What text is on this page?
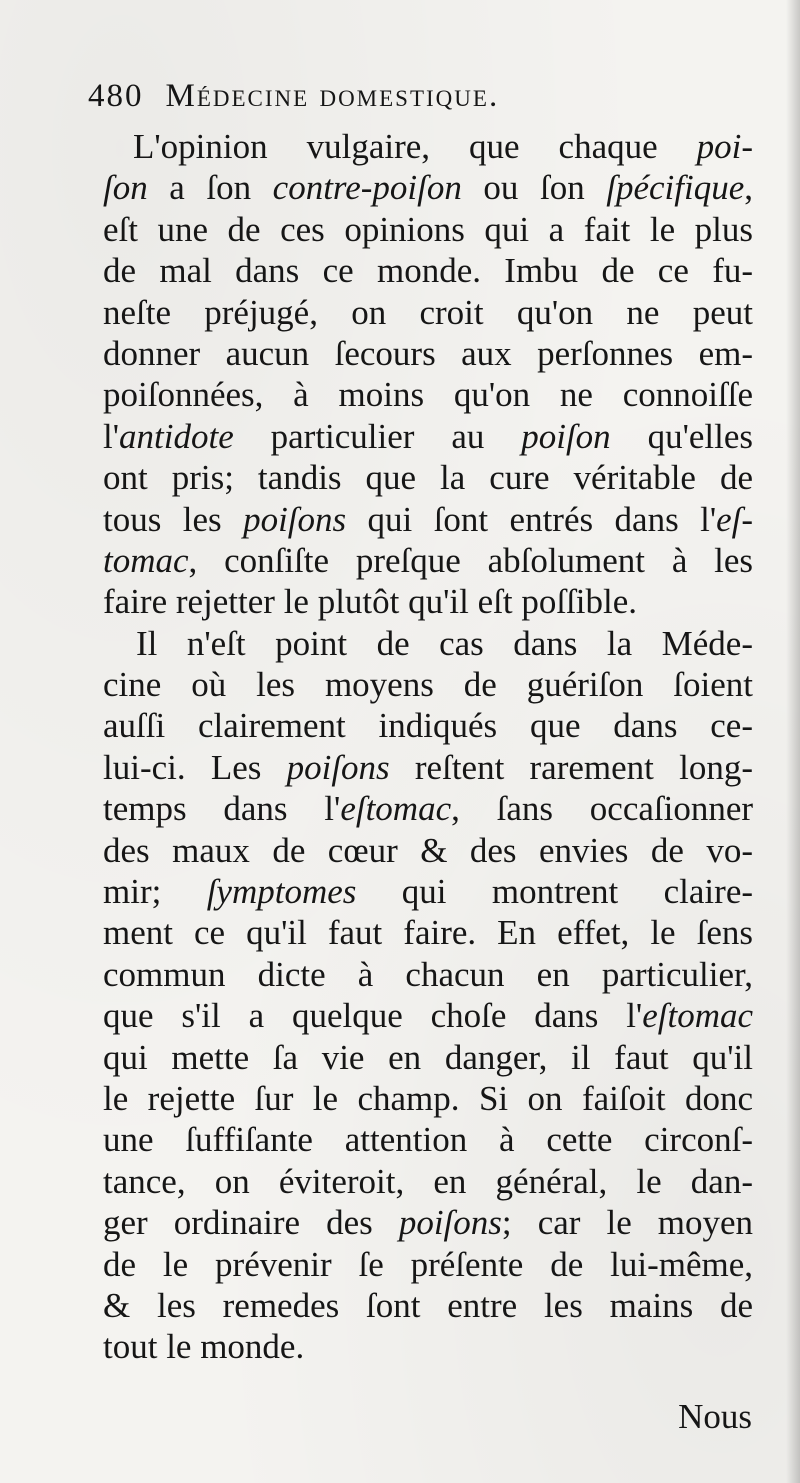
480 Médecine domestique.
L'opinion vulgaire, que chaque poi-
ſon a ſon contre-poiſon ou ſon ſpécifique,
eſt une de ces opinions qui a fait le plus
de mal dans ce monde. Imbu de ce fu-
neſte préjugé, on croit qu'on ne peut
donner aucun ſecours aux perſonnes em-
poiſonnées, à moins qu'on ne connoiſſe
l'antidote particulier au poiſon qu'elles
ont pris; tandis que la cure véritable de
tous les poiſons qui ſont entrés dans l'eſ-
tomac, conſiſte preſque abſolument à les
faire rejetter le plutôt qu'il eſt poſſible.
Il n'eſt point de cas dans la Méde-
cine où les moyens de guériſon ſoient
auſſi clairement indiqués que dans ce-
lui-ci. Les poiſons reſtent rarement long-
temps dans l'eſtomac, ſans occaſionner
des maux de cœur & des envies de vo-
mir; ſymptomes qui montrent claire-
ment ce qu'il faut faire. En effet, le ſens
commun dicte à chacun en particulier,
que s'il a quelque choſe dans l'eſtomac
qui mette ſa vie en danger, il faut qu'il
le rejette ſur le champ. Si on faiſoit donc
une ſuffiſante attention à cette circonſ-
tance, on éviteroit, en général, le dan-
ger ordinaire des poiſons; car le moyen
de le prévenir ſe préſente de lui-même,
& les remedes ſont entre les mains de
tout le monde.
Nous
